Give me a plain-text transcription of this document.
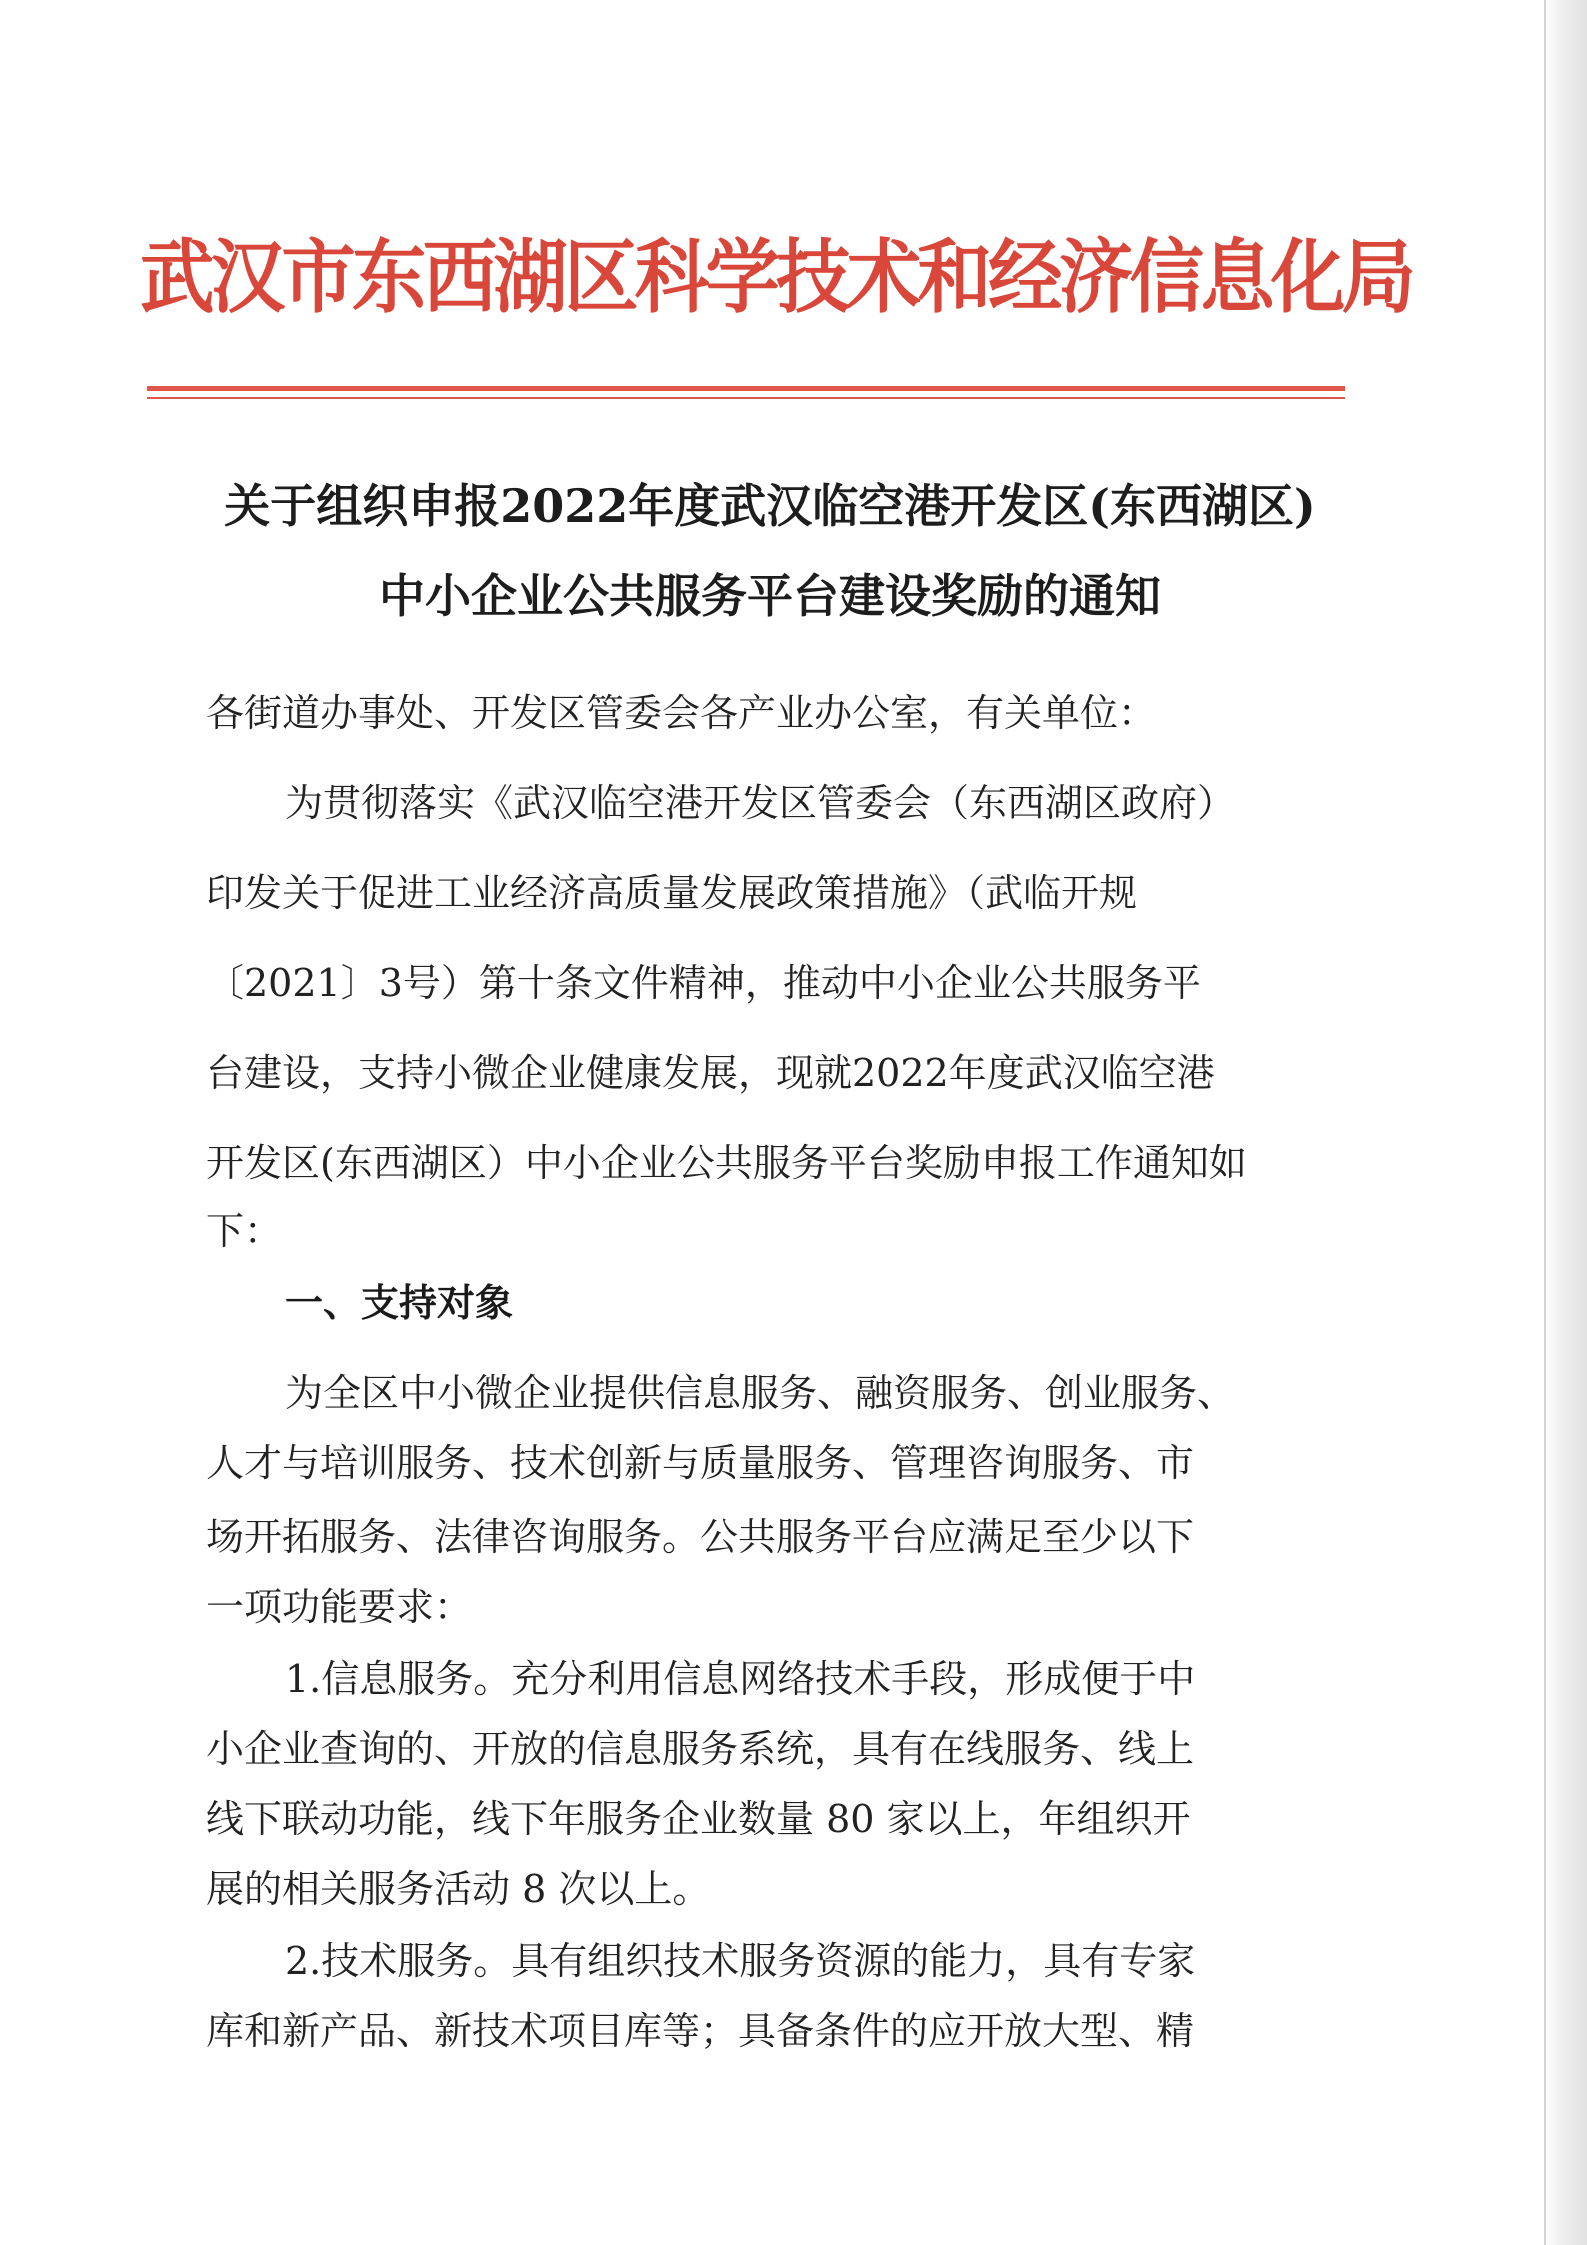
武汉市东西湖区科学技术和经济信息化局
关于组织申报2022年度武汉临空港开发区(东西湖区)
中小企业公共服务平台建设奖励的通知
各街道办事处、开发区管委会各产业办公室，有关单位：
为贯彻落实《武汉临空港开发区管委会（东西湖区政府）
印发关于促进工业经济高质量发展政策措施》（武临开规
〔2021〕3号）第十条文件精神，推动中小企业公共服务平
台建设，支持小微企业健康发展，现就2022年度武汉临空港
开发区(东西湖区）中小企业公共服务平台奖励申报工作通知如
下：
一、支持对象
为全区中小微企业提供信息服务、融资服务、创业服务、
人才与培训服务、技术创新与质量服务、管理咨询服务、市
场开拓服务、法律咨询服务。公共服务平台应满足至少以下
一项功能要求：
1.信息服务。充分利用信息网络技术手段，形成便于中
小企业查询的、开放的信息服务系统，具有在线服务、线上
线下联动功能，线下年服务企业数量 80 家以上，年组织开
展的相关服务活动 8 次以上。
2.技术服务。具有组织技术服务资源的能力，具有专家
库和新产品、新技术项目库等；具备条件的应开放大型、精
